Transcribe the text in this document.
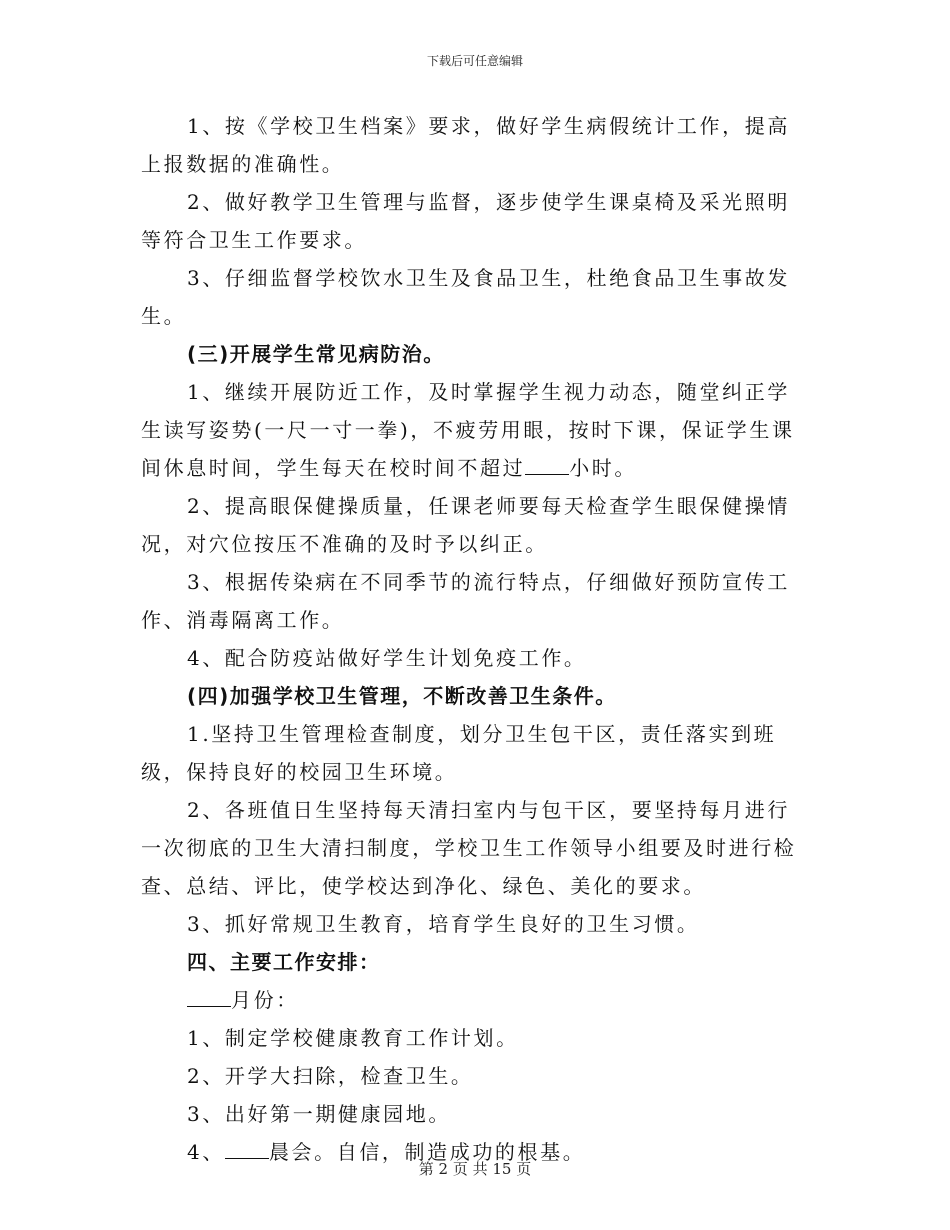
下载后可任意编辑

1、按《学校卫生档案》要求，做好学生病假统计工作，提高上报数据的准确性。

2、做好教学卫生管理与监督，逐步使学生课桌椅及采光照明等符合卫生工作要求。

3、仔细监督学校饮水卫生及食品卫生，杜绝食品卫生事故发生。

(三)开展学生常见病防治。

1、继续开展防近工作，及时掌握学生视力动态，随堂纠正学生读写姿势(一尺一寸一拳)，不疲劳用眼，按时下课，保证学生课间休息时间，学生每天在校时间不超过 小时。

2、提高眼保健操质量，任课老师要每天检查学生眼保健操情况，对穴位按压不准确的及时予以纠正。

3、根据传染病在不同季节的流行特点，仔细做好预防宣传工作、消毒隔离工作。

4、配合防疫站做好学生计划免疫工作。

(四)加强学校卫生管理，不断改善卫生条件。

1.坚持卫生管理检查制度，划分卫生包干区，责任落实到班级，保持良好的校园卫生环境。

2、各班值日生坚持每天清扫室内与包干区，要坚持每月进行一次彻底的卫生大清扫制度，学校卫生工作领导小组要及时进行检查、总结、评比，使学校达到净化、绿色、美化的要求。

3、抓好常规卫生教育，培育学生良好的卫生习惯。

四、主要工作安排：

月份：

1、制定学校健康教育工作计划。

2、开学大扫除，检查卫生。

3、出好第一期健康园地。

4、 晨会。自信，制造成功的根基。

第 2 页 共 15 页
